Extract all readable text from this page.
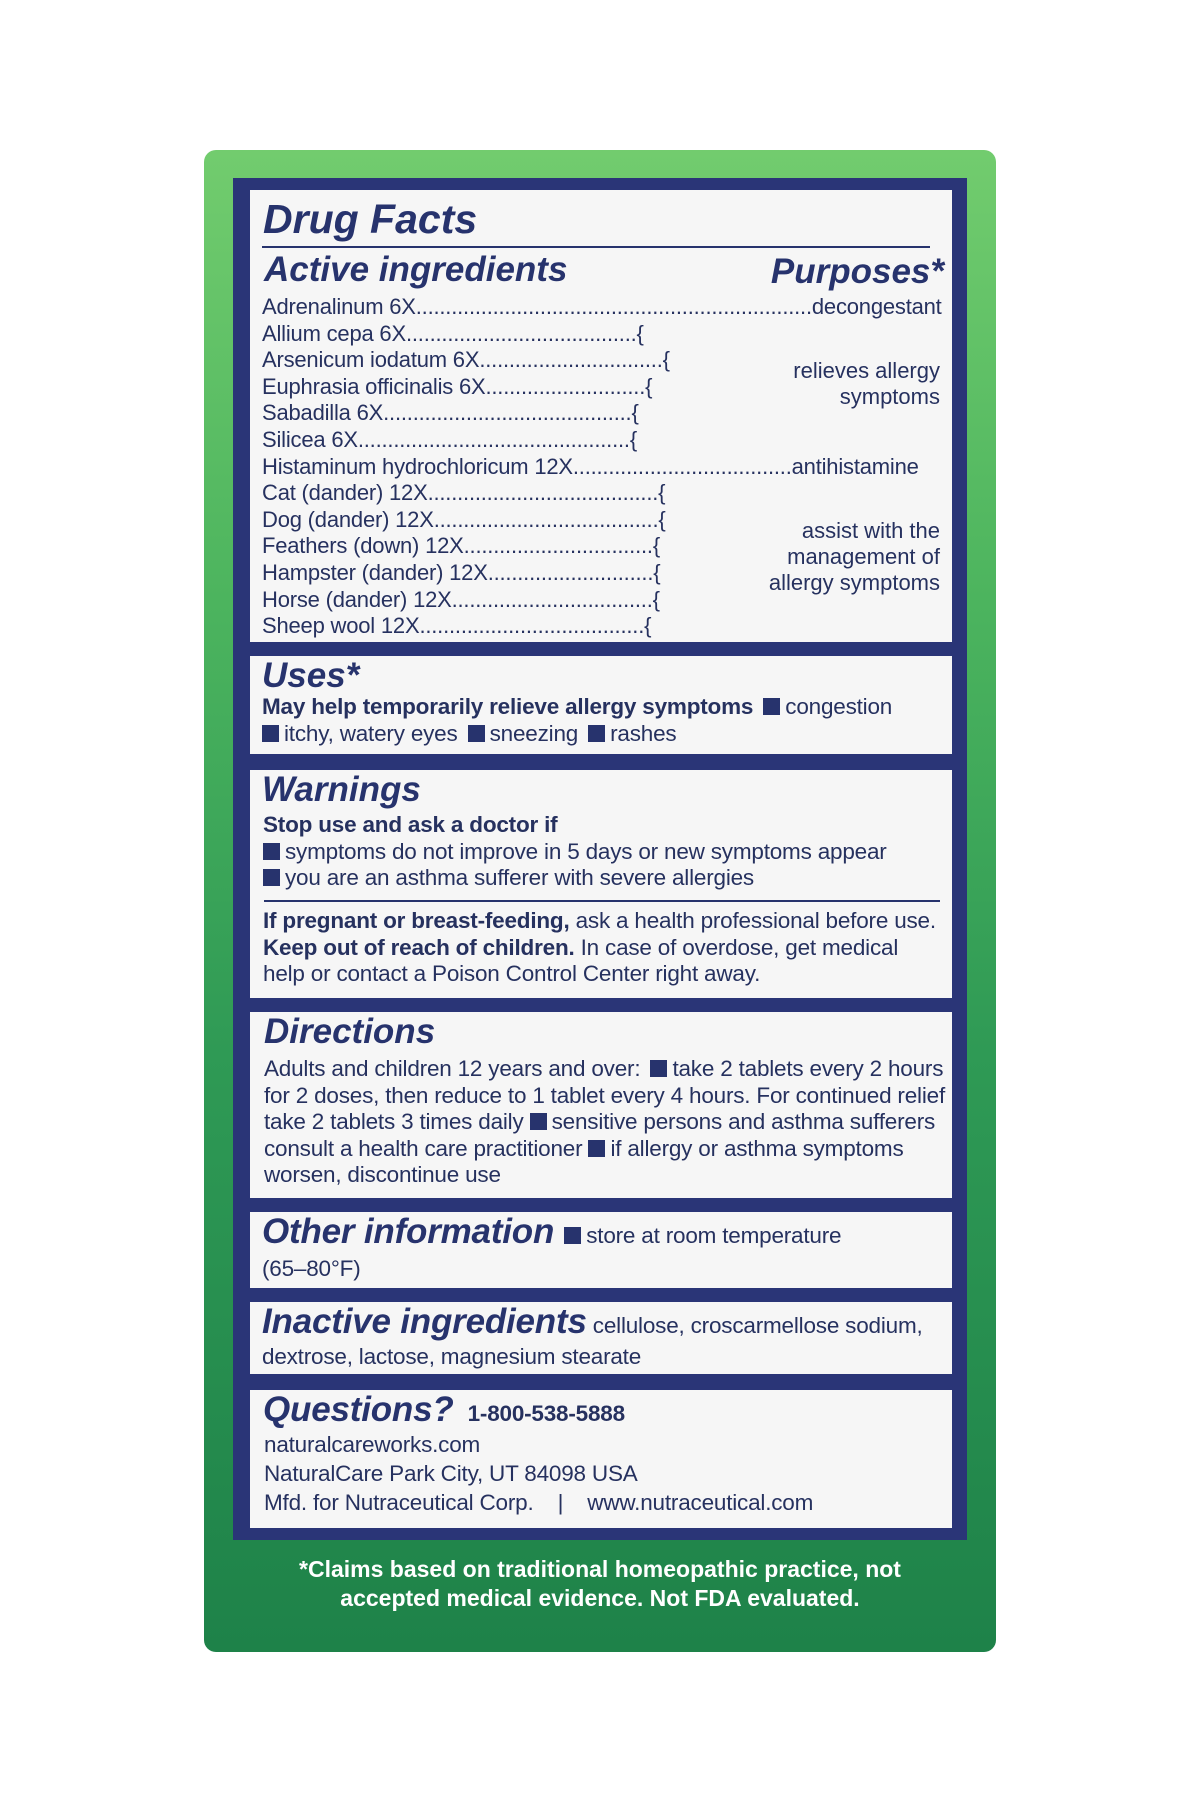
Drug Facts
Active ingredients	Purposes*
Adrenalinum 6X...................................................................decongestant
Allium cepa 6X.......................................{
Arsenicum iodatum 6X...............................{
Euphrasia officinalis 6X...........................{
Sabadilla 6X..........................................{
Silicea 6X..............................................{
Histaminum hydrochloricum 12X.....................................antihistamine
Cat (dander) 12X.......................................{
Dog (dander) 12X......................................{
Feathers (down) 12X................................{
Hampster (dander) 12X............................{
Horse (dander) 12X..................................{
Sheep wool 12X......................................{
relieves allergy
symptoms
assist with the
management of
allergy symptoms
Uses*
May help temporarily relieve allergy symptoms congestion
itchy, watery eyes sneezing rashes
Warnings
Stop use and ask a doctor if
symptoms do not improve in 5 days or new symptoms appear
you are an asthma sufferer with severe allergies
If pregnant or breast-feeding, ask a health professional before use.
Keep out of reach of children. In case of overdose, get medical help or contact a Poison Control Center right away.
Directions
Adults and children 12 years and over: take 2 tablets every 2 hours for 2 doses, then reduce to 1 tablet every 4 hours. For continued relief take 2 tablets 3 times daily sensitive persons and asthma sufferers consult a health care practitioner if allergy or asthma symptoms worsen, discontinue use
Other information store at room temperature
(65–80°F)
Inactive ingredients cellulose, croscarmellose sodium,
dextrose, lactose, magnesium stearate
Questions? 1-800-538-5888
naturalcareworks.com
NaturalCare Park City, UT 84098 USA
Mfd. for Nutraceutical Corp. | www.nutraceutical.com
*Claims based on traditional homeopathic practice, not
accepted medical evidence. Not FDA evaluated.
